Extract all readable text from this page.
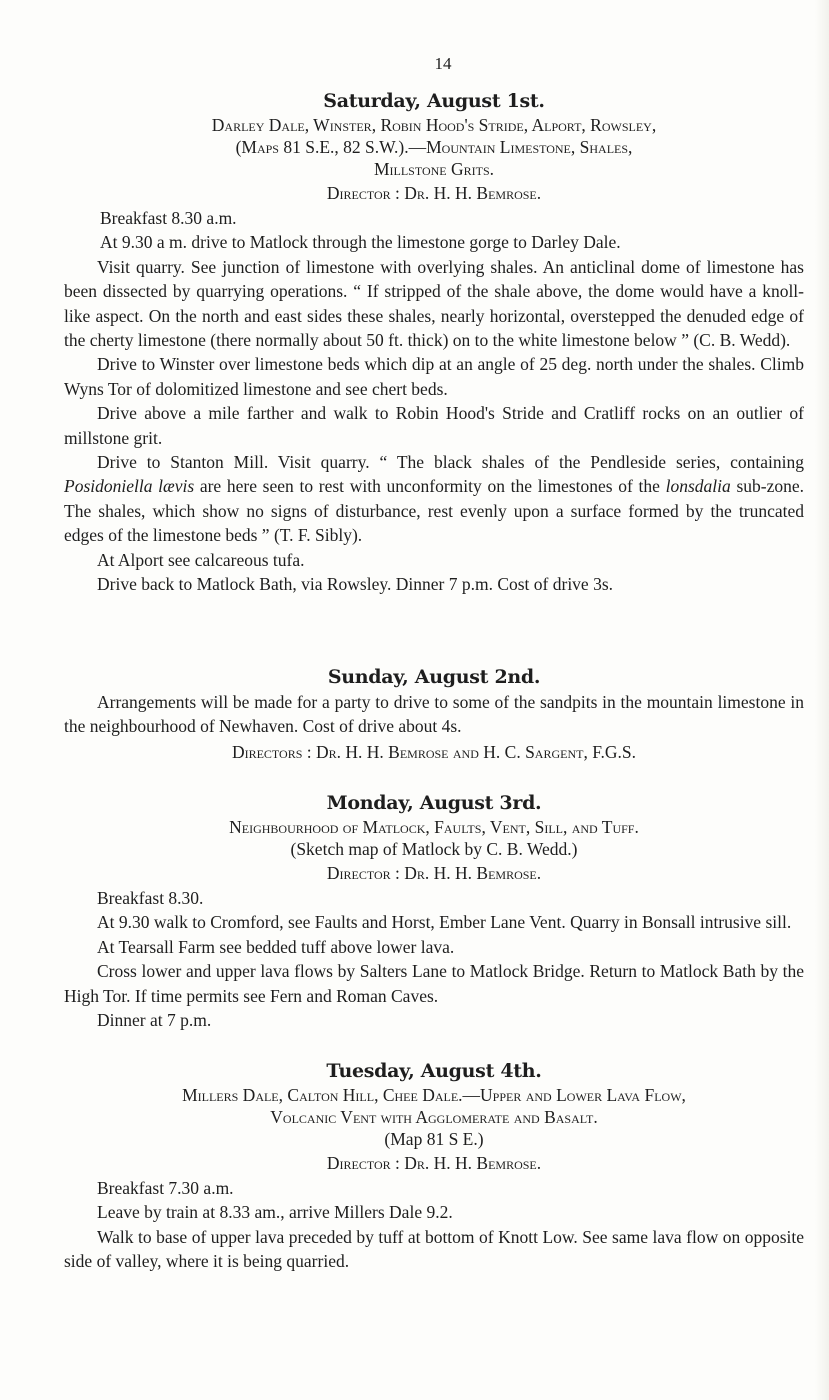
14
Saturday, August 1st.

Darley Dale, Winster, Robin Hood's Stride, Alport, Rowsley,

(Maps 81 S.E., 82 S.W.).—Mountain Limestone, Shales,

Millstone Grits.

Director : Dr. H. H. Bemrose.

Breakfast 8.30 a.m.

At 9.30 a m. drive to Matlock through the limestone gorge to Darley Dale.

Visit quarry. See junction of limestone with overlying shales. An anticlinal dome of limestone has been dissected by quarrying operations. “ If stripped of the shale above, the dome would have a knoll-like aspect. On the north and east sides these shales, nearly horizontal, overstepped the denuded edge of the cherty limestone (there normally about 50 ft. thick) on to the white limestone below ” (C. B. Wedd).

Drive to Winster over limestone beds which dip at an angle of 25 deg. north under the shales. Climb Wyns Tor of dolomitized limestone and see chert beds.

Drive above a mile farther and walk to Robin Hood's Stride and Cratliff rocks on an outlier of millstone grit.

Drive to Stanton Mill. Visit quarry. “ The black shales of the Pendleside series, containing Posidoniella lævis are here seen to rest with unconformity on the limestones of the lonsdalia sub-zone. The shales, which show no signs of disturbance, rest evenly upon a surface formed by the truncated edges of the limestone beds ” (T. F. Sibly).

At Alport see calcareous tufa.

Drive back to Matlock Bath, via Rowsley. Dinner 7 p.m. Cost of drive 3s.

Sunday, August 2nd.

Arrangements will be made for a party to drive to some of the sandpits in the mountain limestone in the neighbourhood of Newhaven. Cost of drive about 4s.

Directors : Dr. H. H. Bemrose and H. C. Sargent, F.G.S.

Monday, August 3rd.

Neighbourhood of Matlock, Faults, Vent, Sill, and Tuff.

(Sketch map of Matlock by C. B. Wedd.)

Director : Dr. H. H. Bemrose.

Breakfast 8.30.

At 9.30 walk to Cromford, see Faults and Horst, Ember Lane Vent. Quarry in Bonsall intrusive sill.

At Tearsall Farm see bedded tuff above lower lava.

Cross lower and upper lava flows by Salters Lane to Matlock Bridge. Return to Matlock Bath by the High Tor. If time permits see Fern and Roman Caves.

Dinner at 7 p.m.

Tuesday, August 4th.

Millers Dale, Calton Hill, Chee Dale.—Upper and Lower Lava Flow,

Volcanic Vent with Agglomerate and Basalt.

(Map 81 S E.)

Director : Dr. H. H. Bemrose.

Breakfast 7.30 a.m.

Leave by train at 8.33 am., arrive Millers Dale 9.2.

Walk to base of upper lava preceded by tuff at bottom of Knott Low. See same lava flow on opposite side of valley, where it is being quarried.
